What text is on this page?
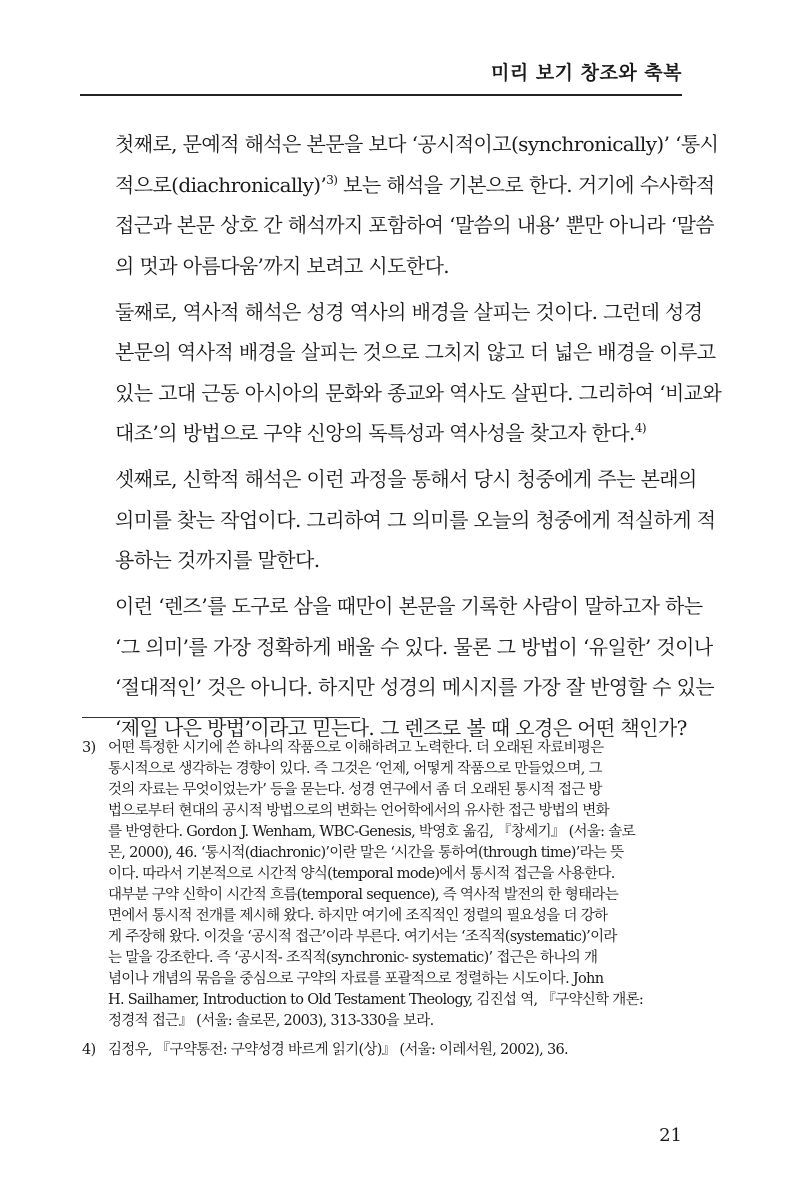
미리 보기 창조와 축복

첫째로, 문예적 해석은 본문을 보다 ‘공시적이고(synchronically)’ ‘통시
적으로(diachronically)’$^{3)}$ 보는 해석을 기본으로 한다. 거기에 수사학적
접근과 본문 상호 간 해석까지 포함하여 ‘말씀의 내용’ 뿐만 아니라 ‘말씀
의 멋과 아름다움’까지 보려고 시도한다.

둘째로, 역사적 해석은 성경 역사의 배경을 살피는 것이다. 그런데 성경
본문의 역사적 배경을 살피는 것으로 그치지 않고 더 넓은 배경을 이루고
있는 고대 근동 아시아의 문화와 종교와 역사도 살핀다. 그리하여 ‘비교와
대조’의 방법으로 구약 신앙의 독특성과 역사성을 찾고자 한다.$^{4)}$

셋째로, 신학적 해석은 이런 과정을 통해서 당시 청중에게 주는 본래의
의미를 찾는 작업이다. 그리하여 그 의미를 오늘의 청중에게 적실하게 적
용하는 것까지를 말한다.

이런 ‘렌즈’를 도구로 삼을 때만이 본문을 기록한 사람이 말하고자 하는
‘그 의미’를 가장 정확하게 배울 수 있다. 물론 그 방법이 ‘유일한’ 것이나
‘절대적인’ 것은 아니다. 하지만 성경의 메시지를 가장 잘 반영할 수 있는
‘제일 나은 방법’이라고 믿는다. 그 렌즈로 볼 때 오경은 어떤 책인가?

3) 어떤 특정한 시기에 쓴 하나의 작품으로 이해하려고 노력한다. 더 오래된 자료비평은
통시적으로 생각하는 경향이 있다. 즉 그것은 ‘언제, 어떻게 작품으로 만들었으며, 그
것의 자료는 무엇이었는가’ 등을 묻는다. 성경 연구에서 좀 더 오래된 통시적 접근 방
법으로부터 현대의 공시적 방법으로의 변화는 언어학에서의 유사한 접근 방법의 변화
를 반영한다. Gordon J. Wenham, WBC-Genesis, 박영호 옮김, 『창세기』 (서울: 솔로
몬, 2000), 46. ‘통시적(diachronic)’이란 말은 ‘시간을 통하여(through time)’라는 뜻
이다. 따라서 기본적으로 시간적 양식(temporal mode)에서 통시적 접근을 사용한다.
대부분 구약 신학이 시간적 흐름(temporal sequence), 즉 역사적 발전의 한 형태라는
면에서 통시적 전개를 제시해 왔다. 하지만 여기에 조직적인 정렬의 필요성을 더 강하
게 주장해 왔다. 이것을 ‘공시적 접근’이라 부른다. 여기서는 ‘조직적(systematic)’이라
는 말을 강조한다. 즉 ‘공시적- 조직적(synchronic- systematic)’ 접근은 하나의 개
념이나 개념의 묶음을 중심으로 구약의 자료를 포괄적으로 정렬하는 시도이다. John
H. Sailhamer, Introduction to Old Testament Theology, 김진섭 역, 『구약신학 개론:
정경적 접근』 (서울: 솔로몬, 2003), 313-330을 보라.
4) 김정우, 『구약통전: 구약성경 바르게 읽기(상)』 (서울: 이레서원, 2002), 36.
21
